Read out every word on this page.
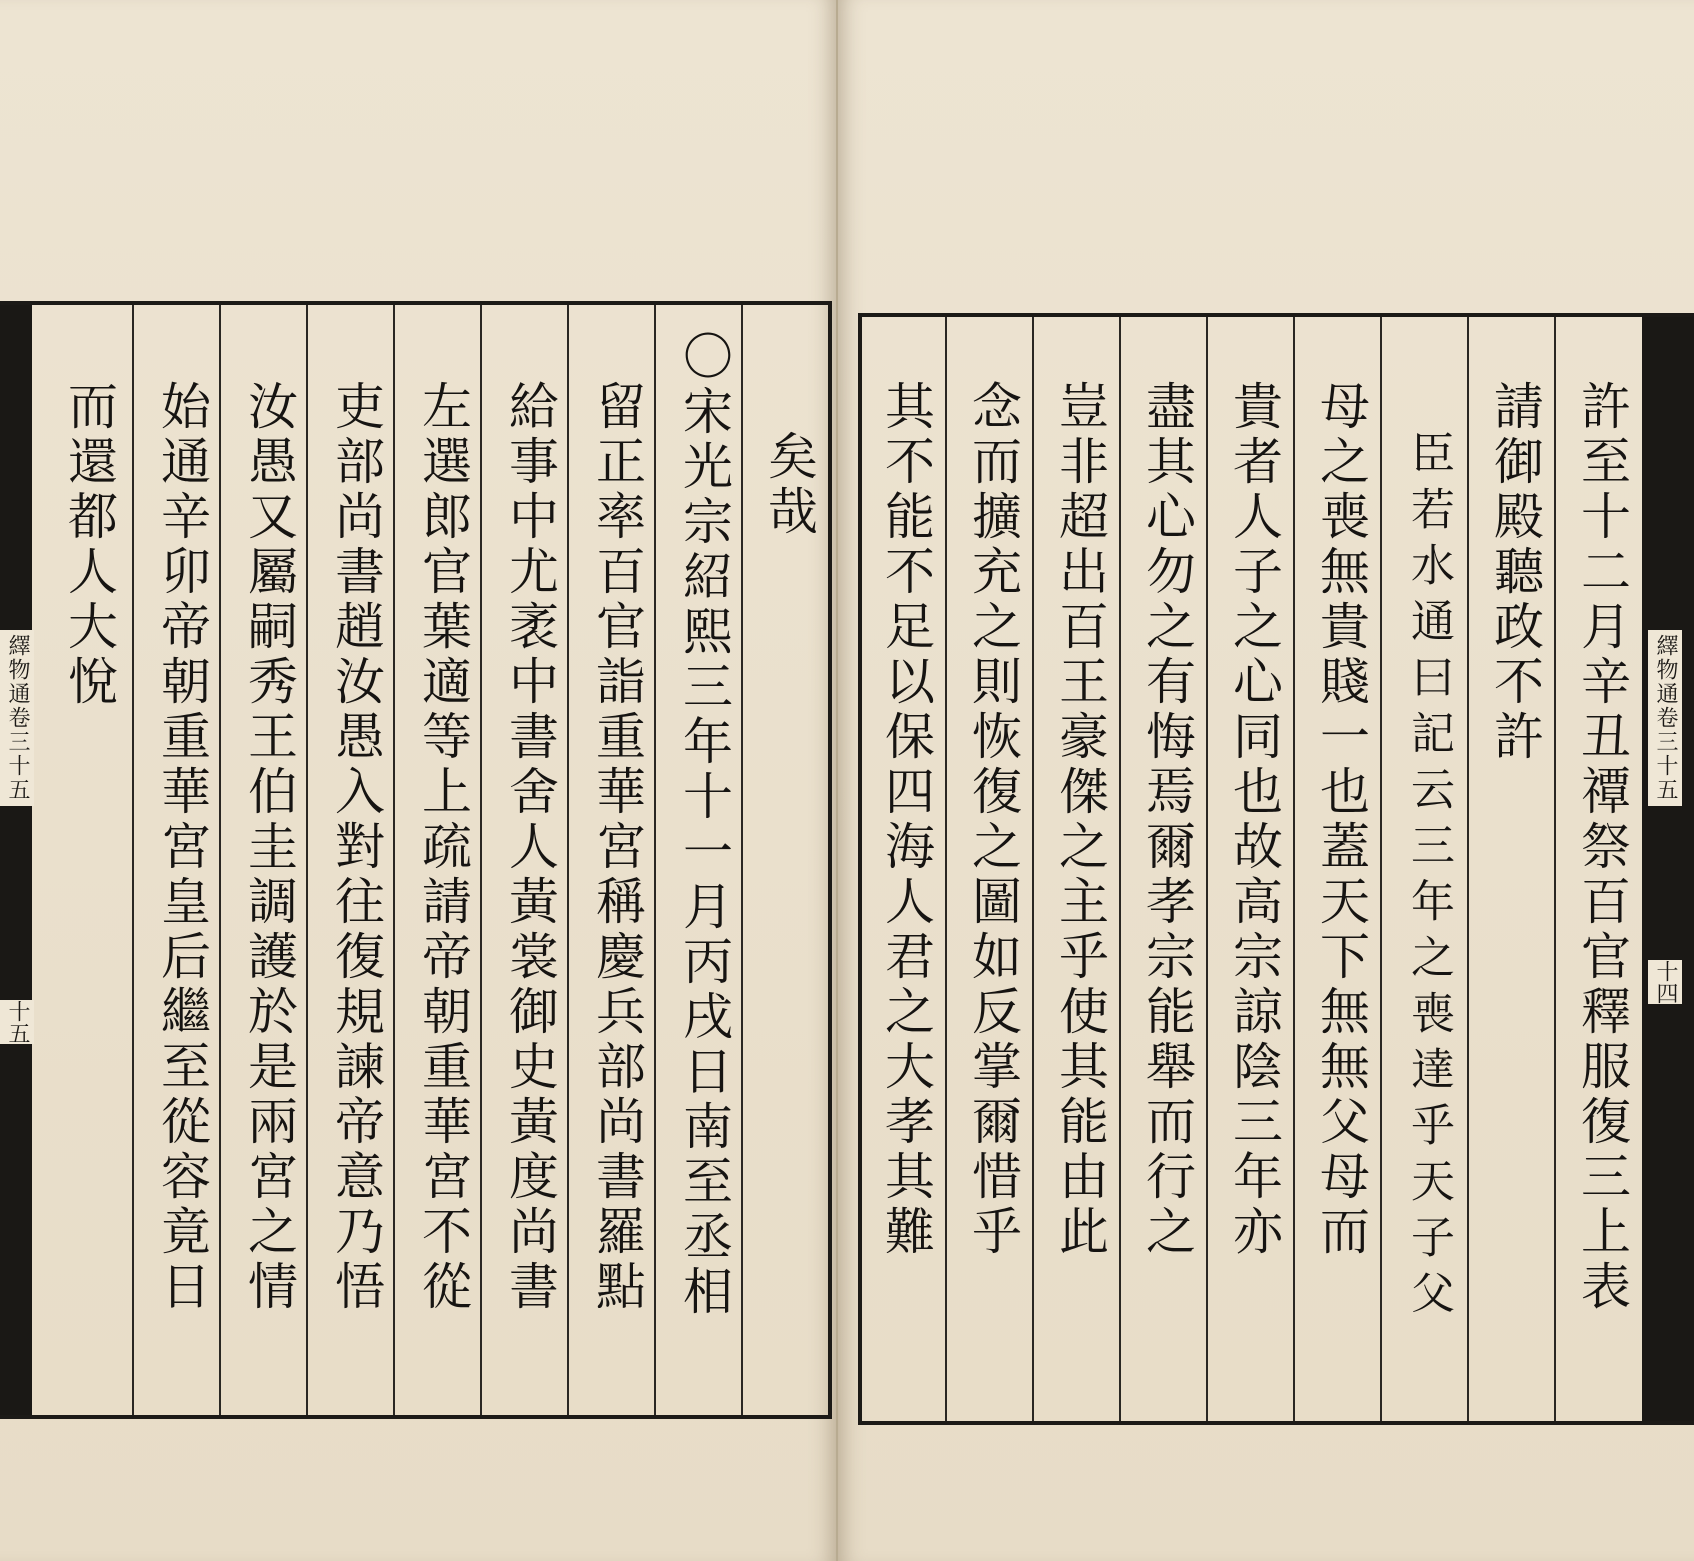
繹物通卷三十五
十五
矣哉
〇宋光宗紹熙三年十一月丙戌日南至丞相
留正率百官詣重華宮稱慶兵部尚書羅點
給事中尤袤中書舍人黃裳御史黃度尚書
左選郎官葉適等上疏請帝朝重華宮不從
吏部尚書趙汝愚入對往復規諫帝意乃悟
汝愚又屬嗣秀王伯圭調護於是兩宮之情
始通辛卯帝朝重華宮皇后繼至從容竟日
而還都人大悅
繹物通卷三十五
十四
許至十二月辛丑禫祭百官釋服復三上表
請御殿聽政不許
臣若水通曰記云三年之喪達乎天子父
母之喪無貴賤一也蓋天下無無父母而
貴者人子之心同也故高宗諒陰三年亦
盡其心勿之有悔焉爾孝宗能舉而行之
豈非超出百王豪傑之主乎使其能由此
念而擴充之則恢復之圖如反掌爾惜乎
其不能不足以保四海人君之大孝其難
